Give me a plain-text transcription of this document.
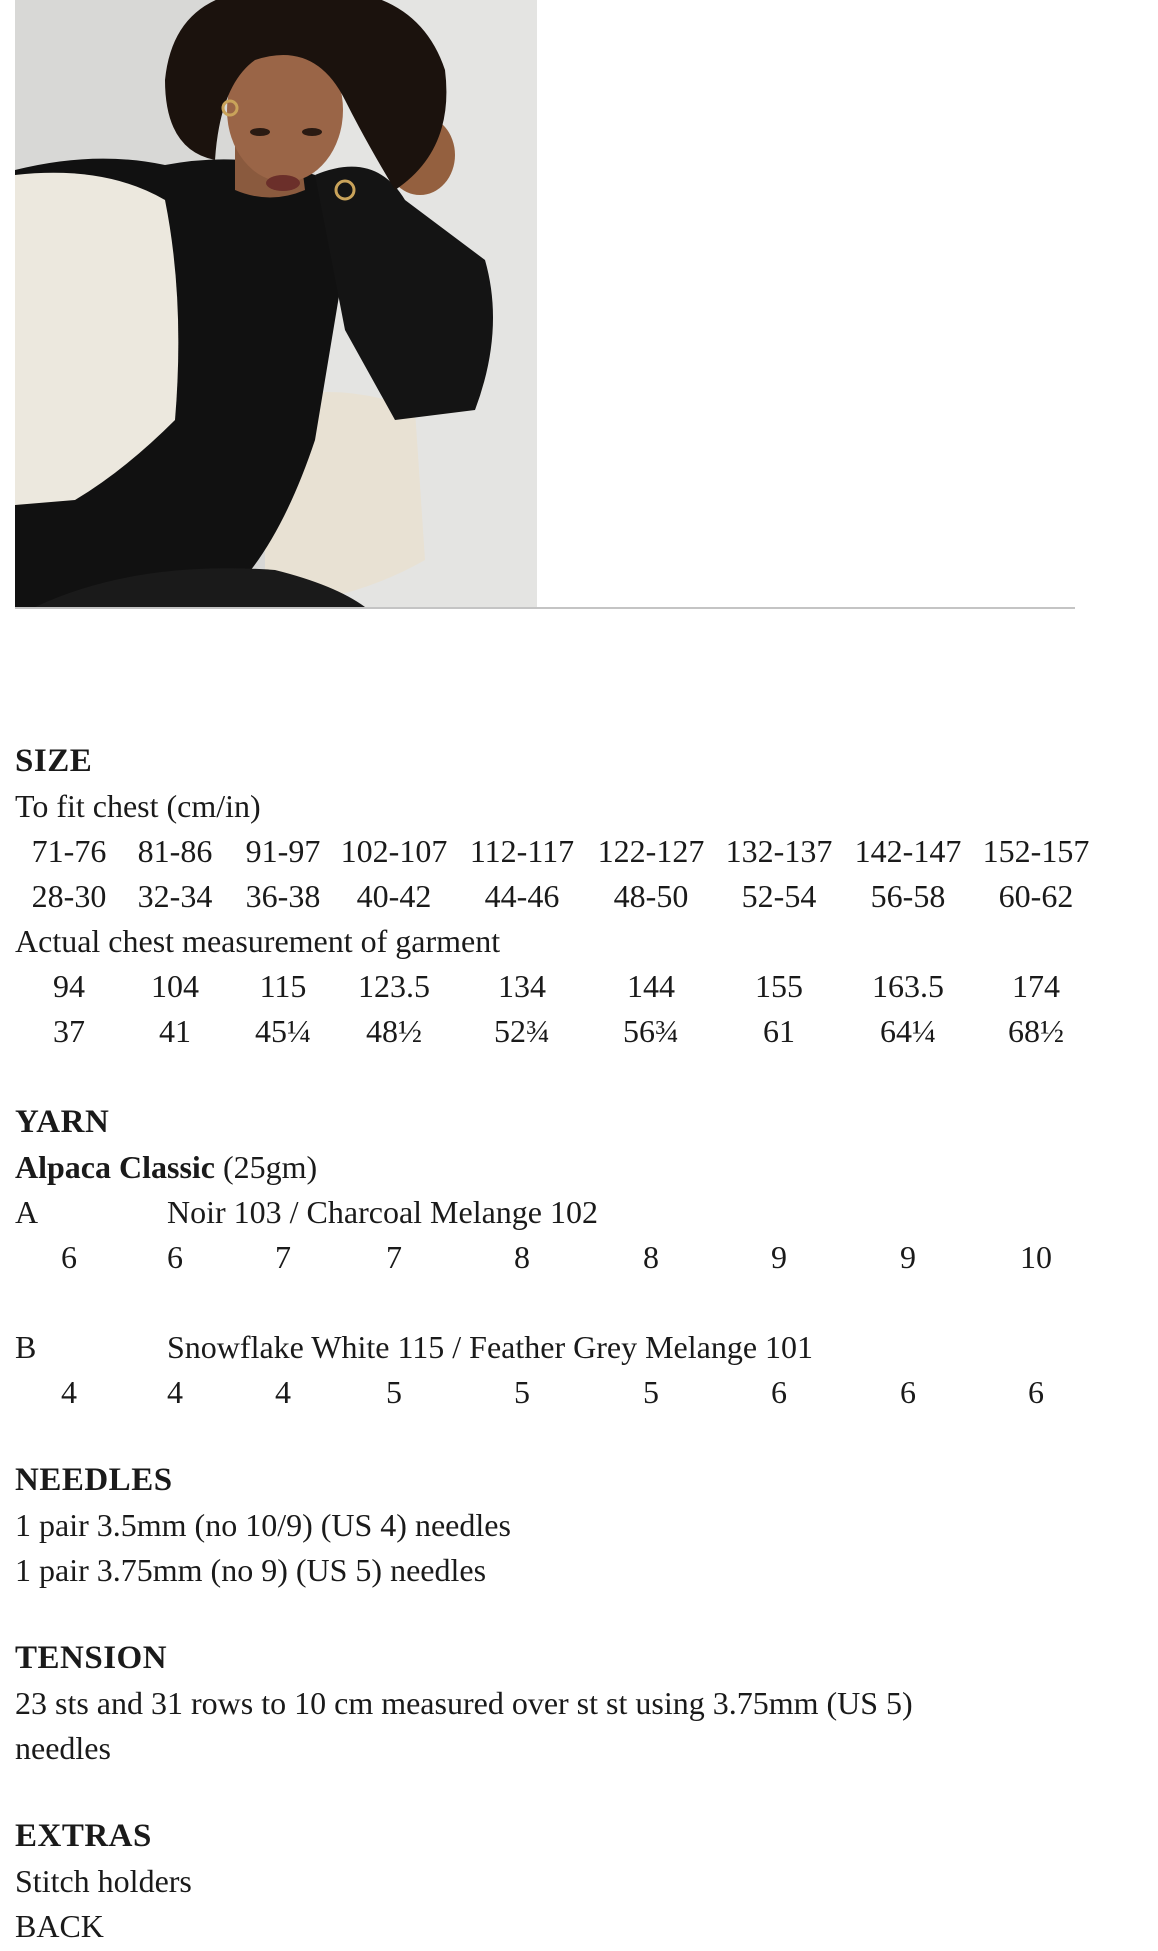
SIZE
To fit chest (cm/in)
71-76 81-86 91-97 102-107 112-117 122-127 132-137 142-147 152-157
28-30 32-34 36-38 40-42 44-46 48-50 52-54 56-58 60-62
Actual chest measurement of garment
94 104 115 123.5 134	144	155 163.5 174
37 41 45¼ 48½ 52¾ 56¾	61	64¼ 68½
YARN
Alpaca Classic (25gm)
A	Noir 103 / Charcoal Melange 102
6	6	7	7	8	8	9	9	10
B	Snowflake White 115 / Feather Grey Melange 101
4	4	4	5	5	5	6	6	6
NEEDLES
1 pair 3.5mm (no 10/9) (US 4) needles
1 pair 3.75mm (no 9) (US 5) needles
TENSION
23 sts and 31 rows to 10 cm measured over st st using 3.75mm (US 5)
needles
EXTRAS
Stitch holders
BACK
